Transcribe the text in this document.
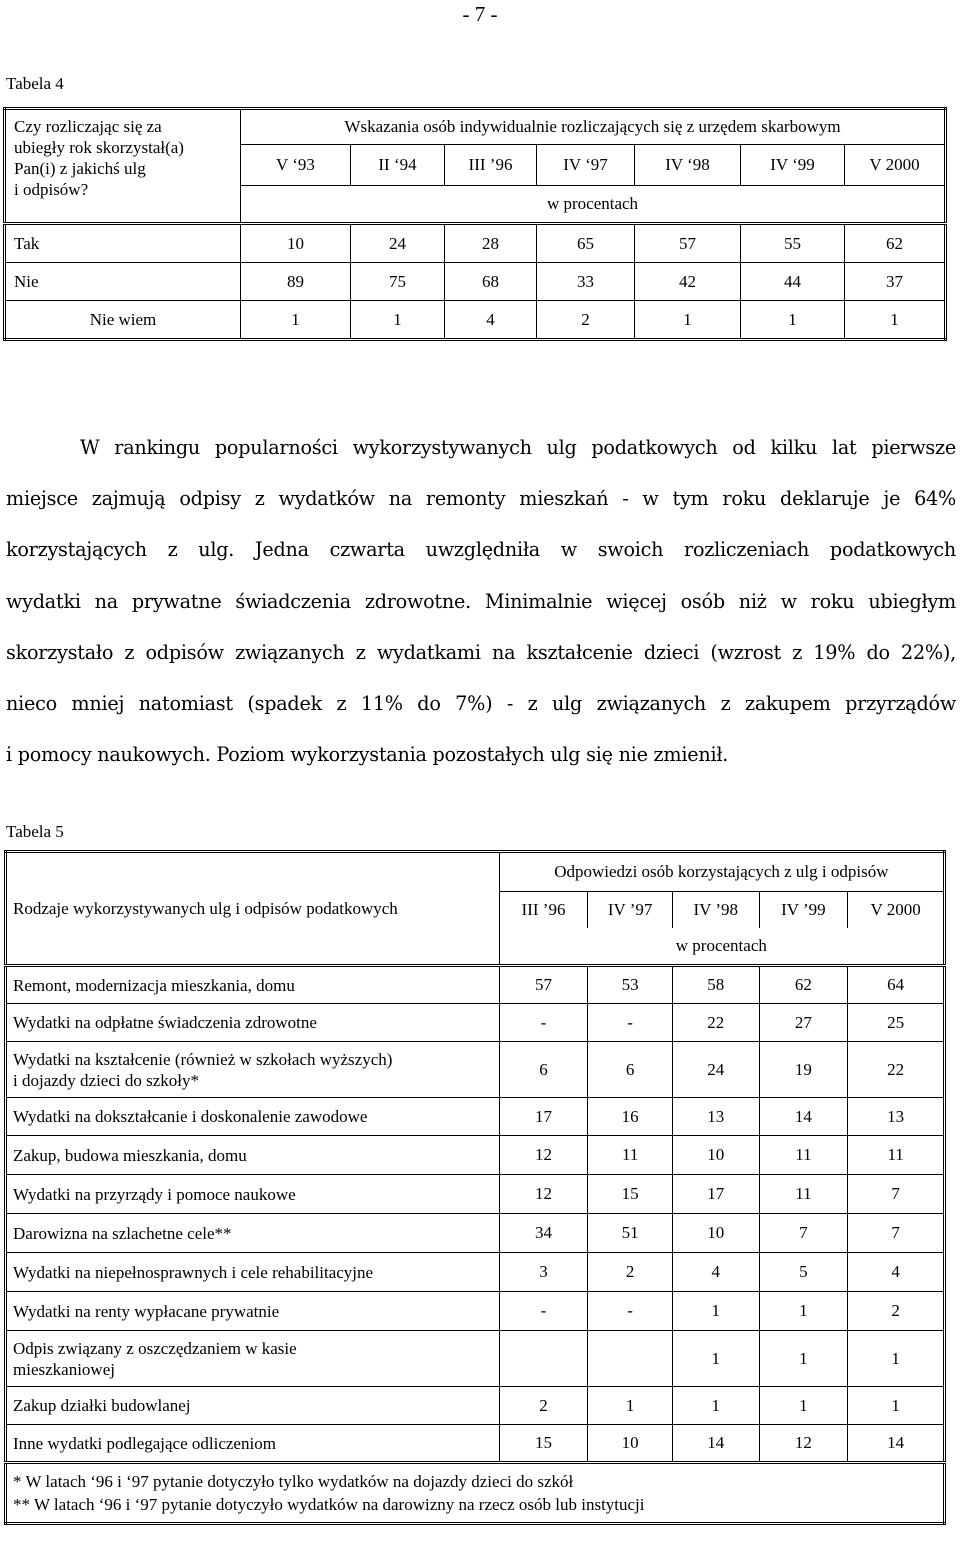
- 7 -
Tabela 4
Czy rozliczając się za
ubiegły rok skorzystał(a)
Pan(i) z jakichś ulg
i odpisów?	Wskazania osób indywidualnie rozliczających się z urzędem skarbowym						
	V ‘93	II ‘94	III ’96	IV ‘97	IV ‘98	IV ‘99	V 2000
	w procentach						
Tak	10	24	28	65	57	55	62
Nie	89	75	68	33	42	44	37
Nie wiem	1	1	4	2	1	1	1
W rankingu popularności wykorzystywanych ulg podatkowych od kilku lat pierwsze
miejsce zajmują odpisy z wydatków na remonty mieszkań - w tym roku deklaruje je 64%
korzystających z ulg. Jedna czwarta uwzględniła w swoich rozliczeniach podatkowych
wydatki na prywatne świadczenia zdrowotne. Minimalnie więcej osób niż w roku ubiegłym
skorzystało z odpisów związanych z wydatkami na kształcenie dzieci (wzrost z 19% do 22%),
nieco mniej natomiast (spadek z 11% do 7%) - z ulg związanych z zakupem przyrządów
i pomocy naukowych. Poziom wykorzystania pozostałych ulg się nie zmienił.
Tabela 5
Rodzaje wykorzystywanych ulg i odpisów podatkowych	Odpowiedzi osób korzystających z ulg i odpisów				
	III ’96	IV ’97	IV ’98	IV ’99	V 2000
	w procentach				
Remont, modernizacja mieszkania, domu	57	53	58	62	64
Wydatki na odpłatne świadczenia zdrowotne	-	-	22	27	25

Wydatki na kształcenie (również w szkołach wyższych)
i dojazdy dzieci do szkoły*	6	6	24	19	22
Wydatki na dokształcanie i doskonalenie zawodowe	17	16	13	14	13
Zakup, budowa mieszkania, domu	12	11	10	11	11
Wydatki na przyrządy i pomoce naukowe	12	15	17	11	7
Darowizna na szlachetne cele**	34	51	10	7	7
Wydatki na niepełnosprawnych i cele rehabilitacyjne	3	2	4	5	4
Wydatki na renty wypłacane prywatnie	-	-	1	1	2

Odpis związany z oszczędzaniem w kasie
mieszkaniowej			1	1	1
Zakup działki budowlanej	2	1	1	1	1
Inne wydatki podlegające odliczeniom	15	10	14	12	14

* W latach ‘96 i ‘97 pytanie dotyczyło tylko wydatków na dojazdy dzieci do szkół
** W latach ‘96 i ‘97 pytanie dotyczyło wydatków na darowizny na rzecz osób lub instytucji					
